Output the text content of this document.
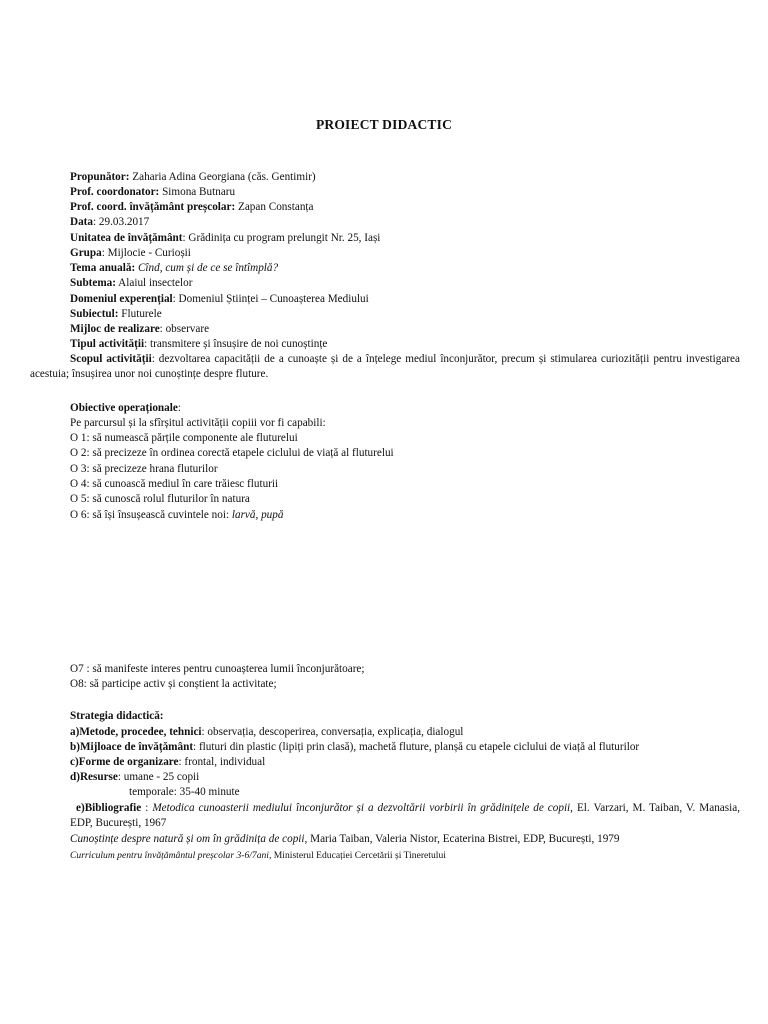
PROIECT DIDACTIC
Propunător: Zaharia Adina Georgiana (căs. Gentimir)
Prof. coordonator: Simona Butnaru
Prof. coord. învățământ preșcolar: Zapan Constanța
Data: 29.03.2017
Unitatea de învățământ: Grădinița cu program prelungit Nr. 25, Iași
Grupa: Mijlocie - Curioșii
Tema anuală: Cînd, cum și de ce se întîmplă?
Subtema: Alaiul insectelor
Domeniul experențial: Domeniul Științei – Cunoașterea Mediului
Subiectul: Fluturele
Mijloc de realizare: observare
Tipul activității: transmitere și însușire de noi cunoștințe
Scopul activității: dezvoltarea capacității de a cunoaște și de a înțelege mediul înconjurător, precum și stimularea curiozității pentru investigarea acestuia; însușirea unor noi cunoștințe despre fluture.
Obiective operaționale:
Pe parcursul și la sfîrșitul activității copiii vor fi capabili:
O 1: să numească părțile componente ale fluturelui
O 2: să precizeze în ordinea corectă etapele ciclului de viață al fluturelui
O 3: să precizeze hrana fluturilor
O 4: să cunoască mediul în care trăiesc fluturii
O 5: să cunoscă rolul fluturilor în natura
O 6: să își însușească cuvintele noi: larvă, pupă
O7 : să manifeste interes pentru cunoașterea lumii înconjurătoare;
O8: să participe activ și conștient la activitate;
Strategia didactică:
a)Metode, procedee, tehnici: observația, descoperirea, conversația, explicația, dialogul
b)Mijloace de învățământ: fluturi din plastic (lipiți prin clasă), machetă fluture, planșă cu etapele ciclului de viață al fluturilor
c)Forme de organizare: frontal, individual
d)Resurse: umane - 25 copii
temporale: 35-40 minute
e)Bibliografie : Metodica cunoasterii mediului înconjurător și a dezvoltării vorbirii în grădinițele de copii, El. Varzari, M. Taiban, V. Manasia, EDP, București, 1967
Cunoștințe despre natură și om în grădinița de copii, Maria Taiban, Valeria Nistor, Ecaterina Bistrei, EDP, București, 1979
Curriculum pentru învățământul preșcolar 3-6/7ani, Ministerul Educației Cercetării și Tineretului
